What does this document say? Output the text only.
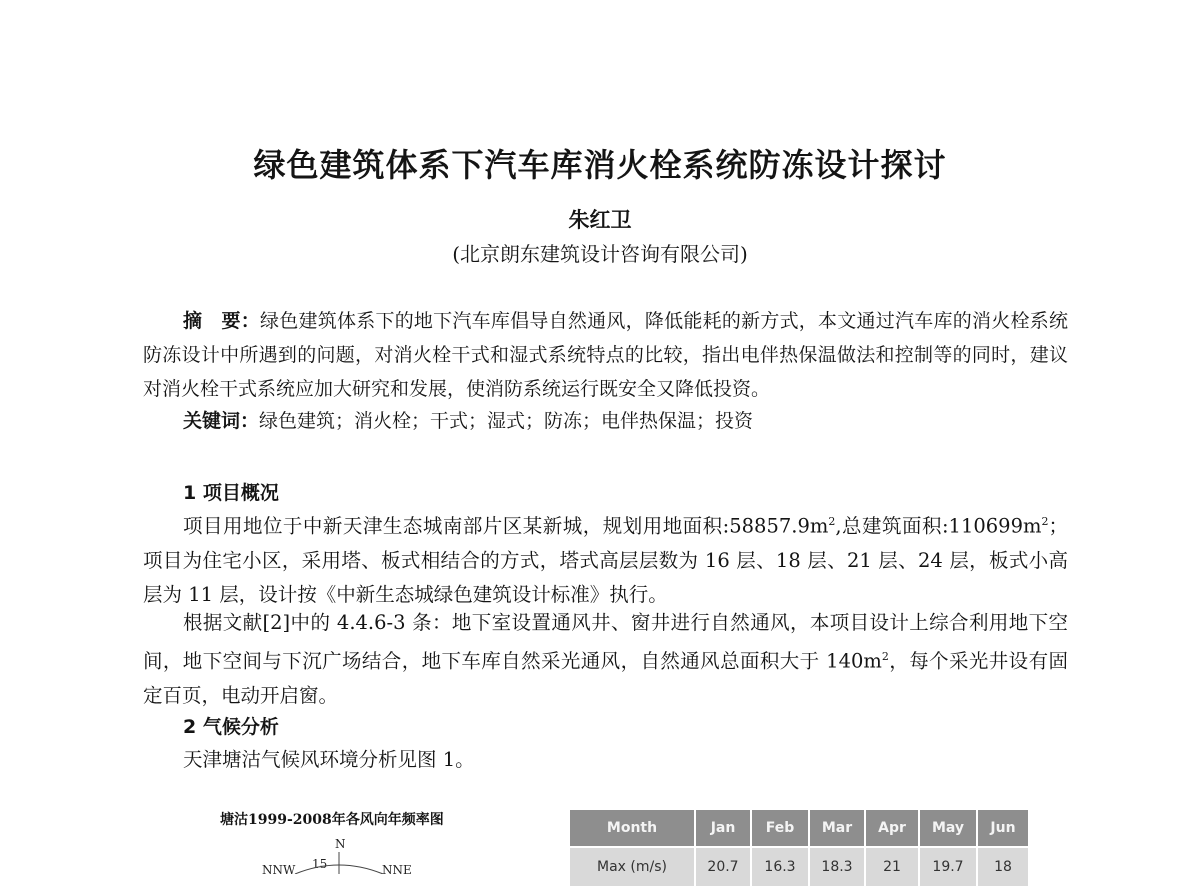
绿色建筑体系下汽车库消火栓系统防冻设计探讨
朱红卫
(北京朗东建筑设计咨询有限公司)
摘　要：绿色建筑体系下的地下汽车库倡导自然通风，降低能耗的新方式，本文通过汽车库的消火栓系统防冻设计中所遇到的问题，对消火栓干式和湿式系统特点的比较，指出电伴热保温做法和控制等的同时，建议对消火栓干式系统应加大研究和发展，使消防系统运行既安全又降低投资。
关键词：绿色建筑；消火栓；干式；湿式；防冻；电伴热保温；投资
1 项目概况
项目用地位于中新天津生态城南部片区某新城，规划用地面积$:58857.9m^2$,总建筑面积$:110699m^2$；项目为住宅小区，采用塔、板式相结合的方式，塔式高层层数为 16 层、18 层、21 层、24 层，板式小高层为 11 层，设计按《中新生态城绿色建筑设计标准》执行。
根据文献[2]中的 4.4.6-3 条：地下室设置通风井、窗井进行自然通风，本项目设计上综合利用地下空间，地下空间与下沉广场结合，地下车库自然采光通风，自然通风总面积大于 $140m^2$，每个采光井设有固定百页，电动开启窗。
2 气候分析
天津塘沽气候风环境分析见图 1。
塘沽1999-2008年各风向年频率图
N
15
NNW	NNE
Month	Jan	Feb	Mar	Apr	May	Jun
Max (m/s)	20.7	16.3	18.3	21	19.7	18
